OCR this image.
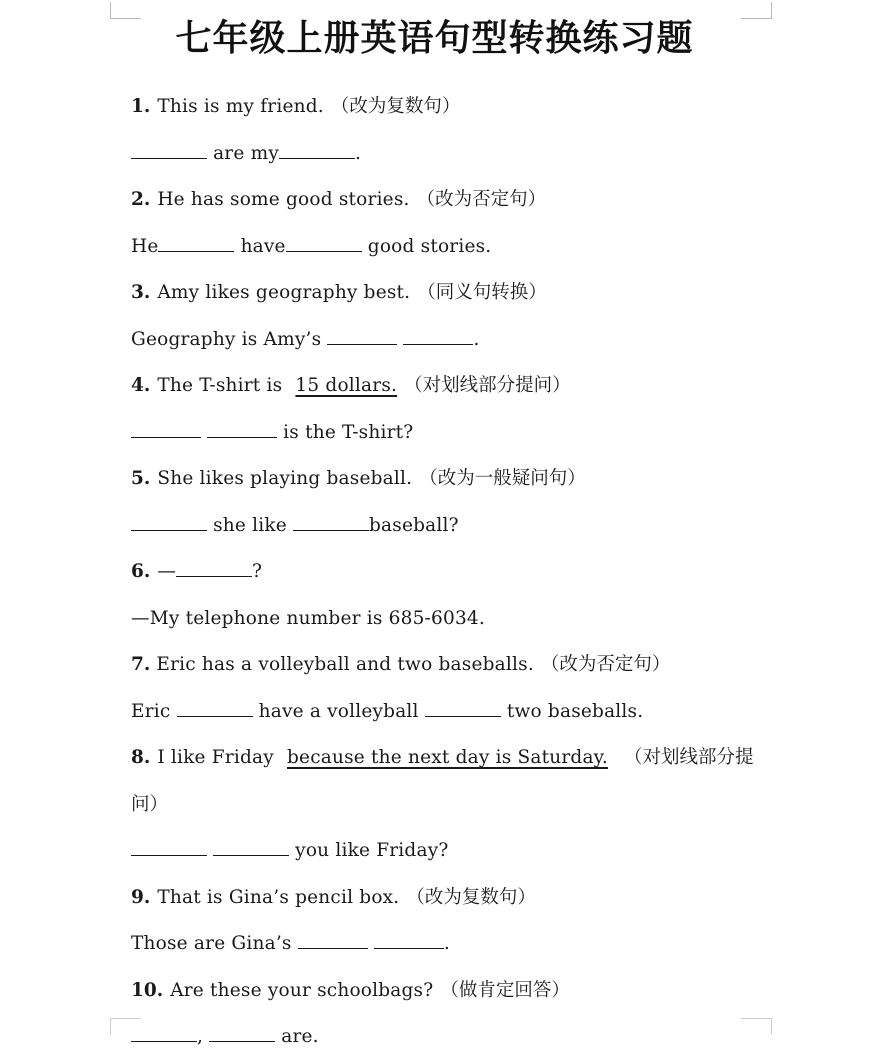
七年级上册英语句型转换练习题
1. This is my friend. （改为复数句）
are my	.
2. He has some good stories. （改为否定句）
He	have	good stories.
3. Amy likes geography best. （同义句转换）
Geography is Amy’s	.
4. The T-shirt is 15 dollars. （对划线部分提问）
is the T-shirt?
5. She likes playing baseball. （改为一般疑问句）
she like	baseball?
6. —	?
—My telephone number is 685-6034.
7. Eric has a volleyball and two baseballs. （改为否定句）
Eric	have a volleyball	two baseballs.
8. I like Friday because the next day is Saturday. （对划线部分提问）
you like Friday?
9. That is Gina’s pencil box. （改为复数句）
Those are Gina’s	.
10. Are these your schoolbags? （做肯定回答）
,	are.
